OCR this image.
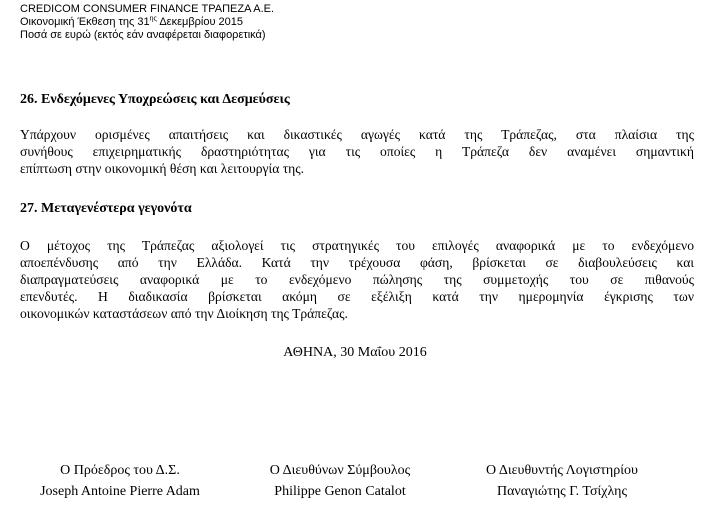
CREDICOM CONSUMER FINANCE ΤΡΑΠΕΖΑ Α.Ε.
Οικονομική Έκθεση της $31^{\eta\varsigma}$ Δεκεμβρίου 2015
Ποσά σε ευρώ (εκτός εάν αναφέρεται διαφορετικά)
26. Ενδεχόμενες Υποχρεώσεις και Δεσμεύσεις

Υπάρχουν ορισμένες απαιτήσεις και δικαστικές αγωγές κατά της Τράπεζας, στα πλαίσια της
συνήθους επιχειρηματικής δραστηριότητας για τις οποίες η Τράπεζα δεν αναμένει σημαντική
επίπτωση στην οικονομική θέση και λειτουργία της.

27. Μεταγενέστερα γεγονότα

Ο μέτοχος της Τράπεζας αξιολογεί τις στρατηγικές του επιλογές αναφορικά με το ενδεχόμενο
αποεπένδυσης από την Ελλάδα. Κατά την τρέχουσα φάση, βρίσκεται σε διαβουλεύσεις και
διαπραγματεύσεις αναφορικά με το ενδεχόμενο πώλησης της συμμετοχής του σε πιθανούς
επενδυτές. Η διαδικασία βρίσκεται ακόμη σε εξέλιξη κατά την ημερομηνία έγκρισης των
οικονομικών καταστάσεων από την Διοίκηση της Τράπεζας.

ΑΘΗΝΑ, 30 Μαΐου 2016
Ο Πρόεδρος του Δ.Σ.
Joseph Antoine Pierre Adam
Ο Διευθύνων Σύμβουλος
Philippe Genon Catalot
Ο Διευθυντής Λογιστηρίου
Παναγιώτης Γ. Τσίχλης
